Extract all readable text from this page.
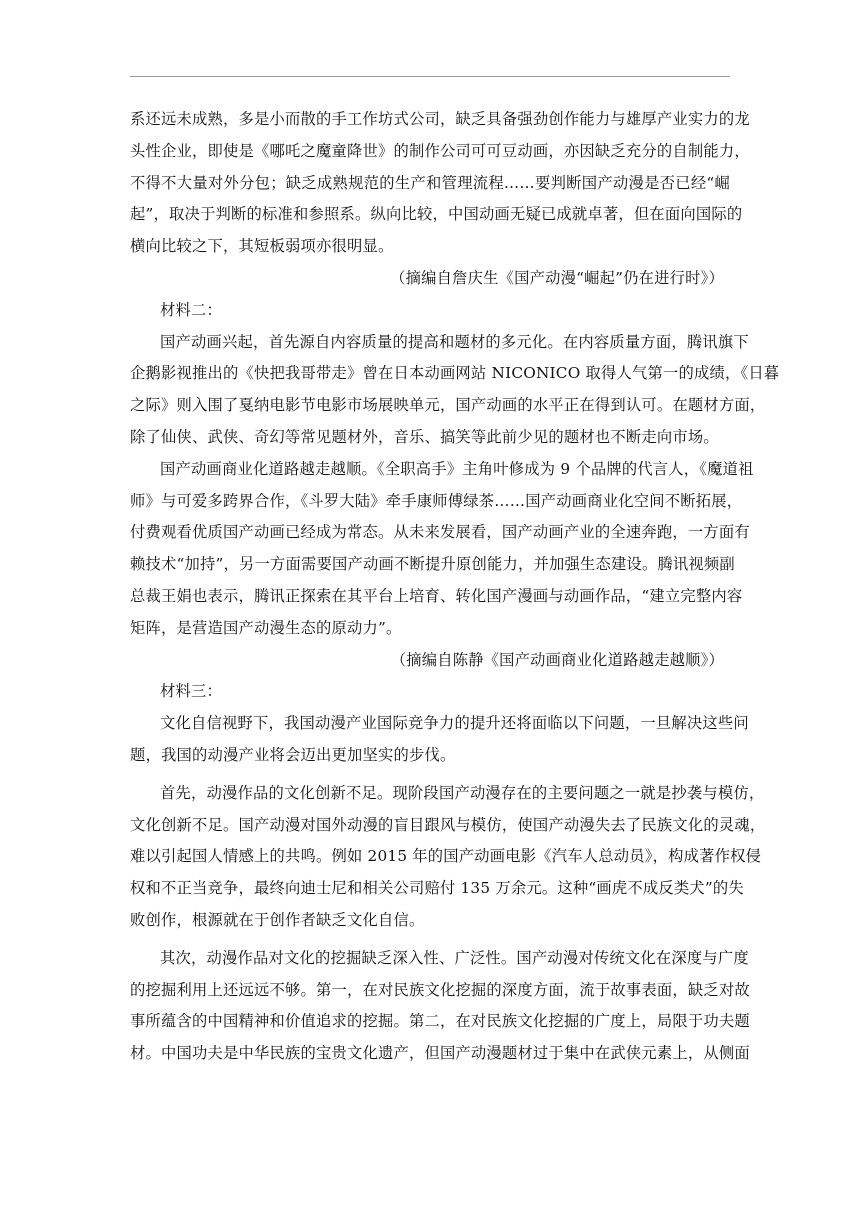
系还远未成熟，多是小而散的手工作坊式公司，缺乏具备强劲创作能力与雄厚产业实力的龙
头性企业，即使是《哪吒之魔童降世》的制作公司可可豆动画，亦因缺乏充分的自制能力，
不得不大量对外分包；缺乏成熟规范的生产和管理流程……要判断国产动漫是否已经“崛
起”，取决于判断的标准和参照系。纵向比较，中国动画无疑已成就卓著，但在面向国际的
横向比较之下，其短板弱项亦很明显。
（摘编自詹庆生《国产动漫“崛起”仍在进行时》）
材料二：
国产动画兴起，首先源自内容质量的提高和题材的多元化。在内容质量方面，腾讯旗下
企鹅影视推出的《快把我哥带走》曾在日本动画网站 NICONICO 取得人气第一的成绩，《日暮
之际》则入围了戛纳电影节电影市场展映单元，国产动画的水平正在得到认可。在题材方面，
除了仙侠、武侠、奇幻等常见题材外，音乐、搞笑等此前少见的题材也不断走向市场。
国产动画商业化道路越走越顺。《全职高手》主角叶修成为 9 个品牌的代言人，《魔道祖
师》与可爱多跨界合作，《斗罗大陆》牵手康师傅绿茶……国产动画商业化空间不断拓展，
付费观看优质国产动画已经成为常态。从未来发展看，国产动画产业的全速奔跑，一方面有
赖技术“加持”，另一方面需要国产动画不断提升原创能力，并加强生态建设。腾讯视频副
总裁王娟也表示，腾讯正探索在其平台上培育、转化国产漫画与动画作品，“建立完整内容
矩阵，是营造国产动漫生态的原动力”。
（摘编自陈静《国产动画商业化道路越走越顺》）
材料三：
文化自信视野下，我国动漫产业国际竞争力的提升还将面临以下问题，一旦解决这些问
题，我国的动漫产业将会迈出更加坚实的步伐。
首先，动漫作品的文化创新不足。现阶段国产动漫存在的主要问题之一就是抄袭与模仿，
文化创新不足。国产动漫对国外动漫的盲目跟风与模仿，使国产动漫失去了民族文化的灵魂，
难以引起国人情感上的共鸣。例如 2015 年的国产动画电影《汽车人总动员》，构成著作权侵
权和不正当竞争，最终向迪士尼和相关公司赔付 135 万余元。这种“画虎不成反类犬”的失
败创作，根源就在于创作者缺乏文化自信。
其次，动漫作品对文化的挖掘缺乏深入性、广泛性。国产动漫对传统文化在深度与广度
的挖掘利用上还远远不够。第一，在对民族文化挖掘的深度方面，流于故事表面，缺乏对故
事所蕴含的中国精神和价值追求的挖掘。第二，在对民族文化挖掘的广度上，局限于功夫题
材。中国功夫是中华民族的宝贵文化遗产，但国产动漫题材过于集中在武侠元素上，从侧面
